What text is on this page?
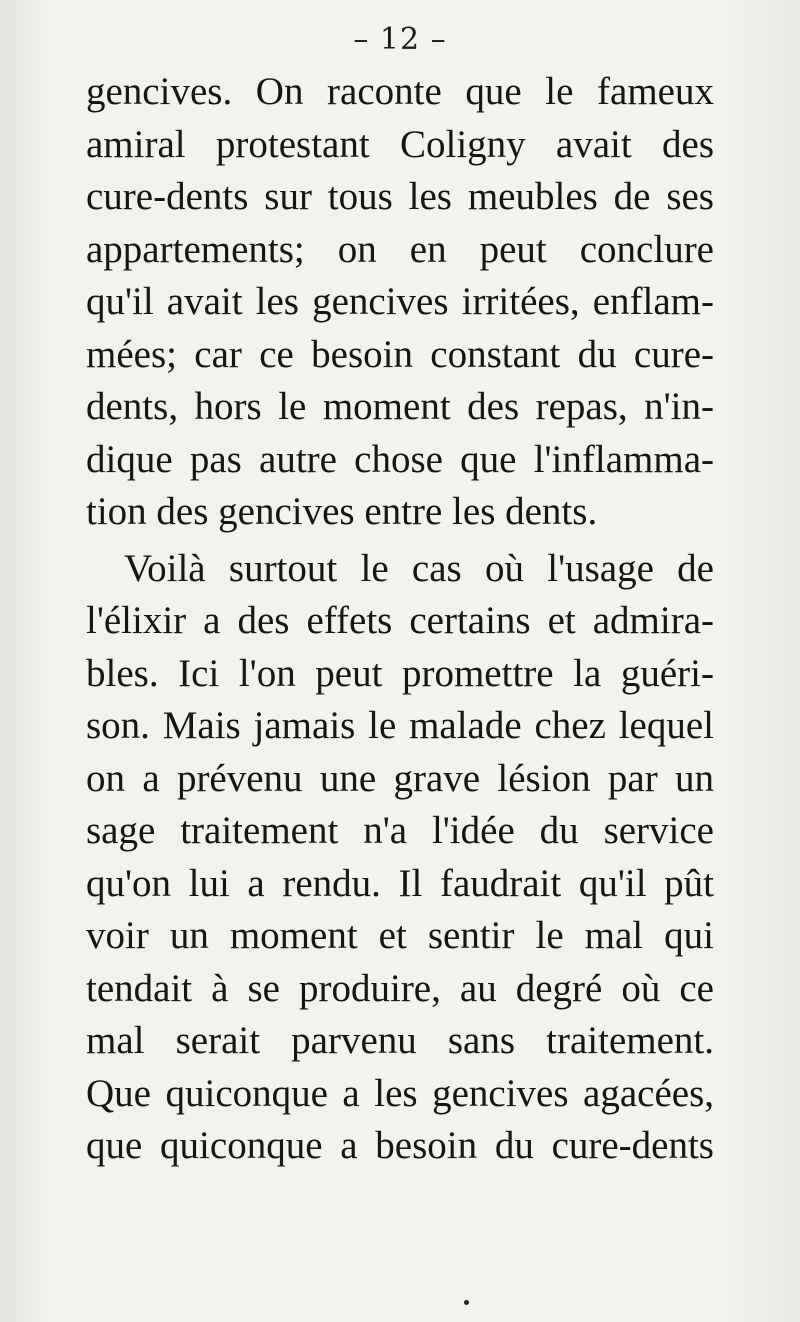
– 12 –
gencives. On raconte que le fameux
amiral protestant Coligny avait des
cure-dents sur tous les meubles de ses
appartements; on en peut conclure
qu'il avait les gencives irritées, enflam-
mées; car ce besoin constant du cure-
dents, hors le moment des repas, n'in-
dique pas autre chose que l'inflamma-
tion des gencives entre les dents.
Voilà surtout le cas où l'usage de
l'élixir a des effets certains et admira-
bles. Ici l'on peut promettre la guéri-
son. Mais jamais le malade chez lequel
on a prévenu une grave lésion par un
sage traitement n'a l'idée du service
qu'on lui a rendu. Il faudrait qu'il pût
voir un moment et sentir le mal qui
tendait à se produire, au degré où ce
mal serait parvenu sans traitement.
Que quiconque a les gencives agacées,
que quiconque a besoin du cure-dents
